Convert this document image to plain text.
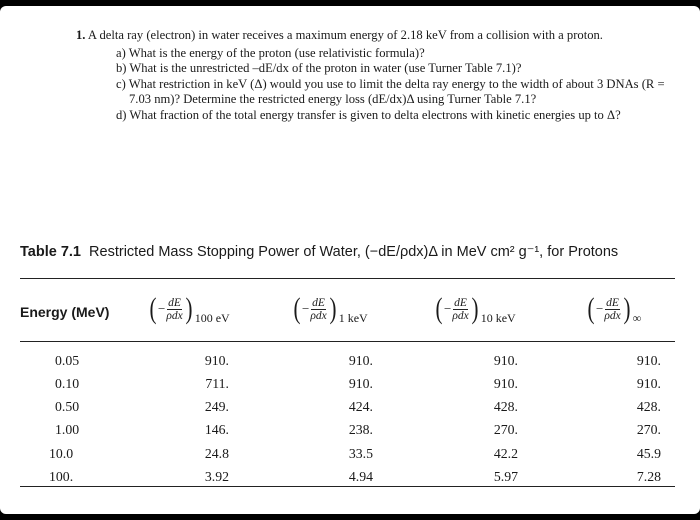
1. A delta ray (electron) in water receives a maximum energy of 2.18 keV from a collision with a proton.

a) What is the energy of the proton (use relativistic formula)?
b) What is the unrestricted –dE/dx of the proton in water (use Turner Table 7.1)?
c) What restriction in keV (Δ) would you use to limit the delta ray energy to the width of about 3 DNAs (R = 7.03 nm)? Determine the restricted energy loss (dE/dx)Δ using Turner Table 7.1?
d) What fraction of the total energy transfer is given to delta electrons with kinetic energies up to Δ?
Table 7.1 Restricted Mass Stopping Power of Water, (−dE/ρdx)Δ in MeV cm² g⁻¹, for Protons
Energy (MeV) ( − $\frac{dE}{\text{ρdx}}$ ) 100 eV ( − $\frac{dE}{\text{ρdx}}$ ) 1 keV ( − $\frac{dE}{\text{ρdx}}$ ) 10 keV ( − $\frac{dE}{\text{ρdx}}$ ) ∞
0.05	910.	910.	910.	910.
0.10	711.	910.	910.	910.
0.50	249.	424.	428.	428.
1.00	146.	238.	270.	270.
10.0	24.8	33.5	42.2	45.9
100.	3.92	4.94	5.97	7.28
